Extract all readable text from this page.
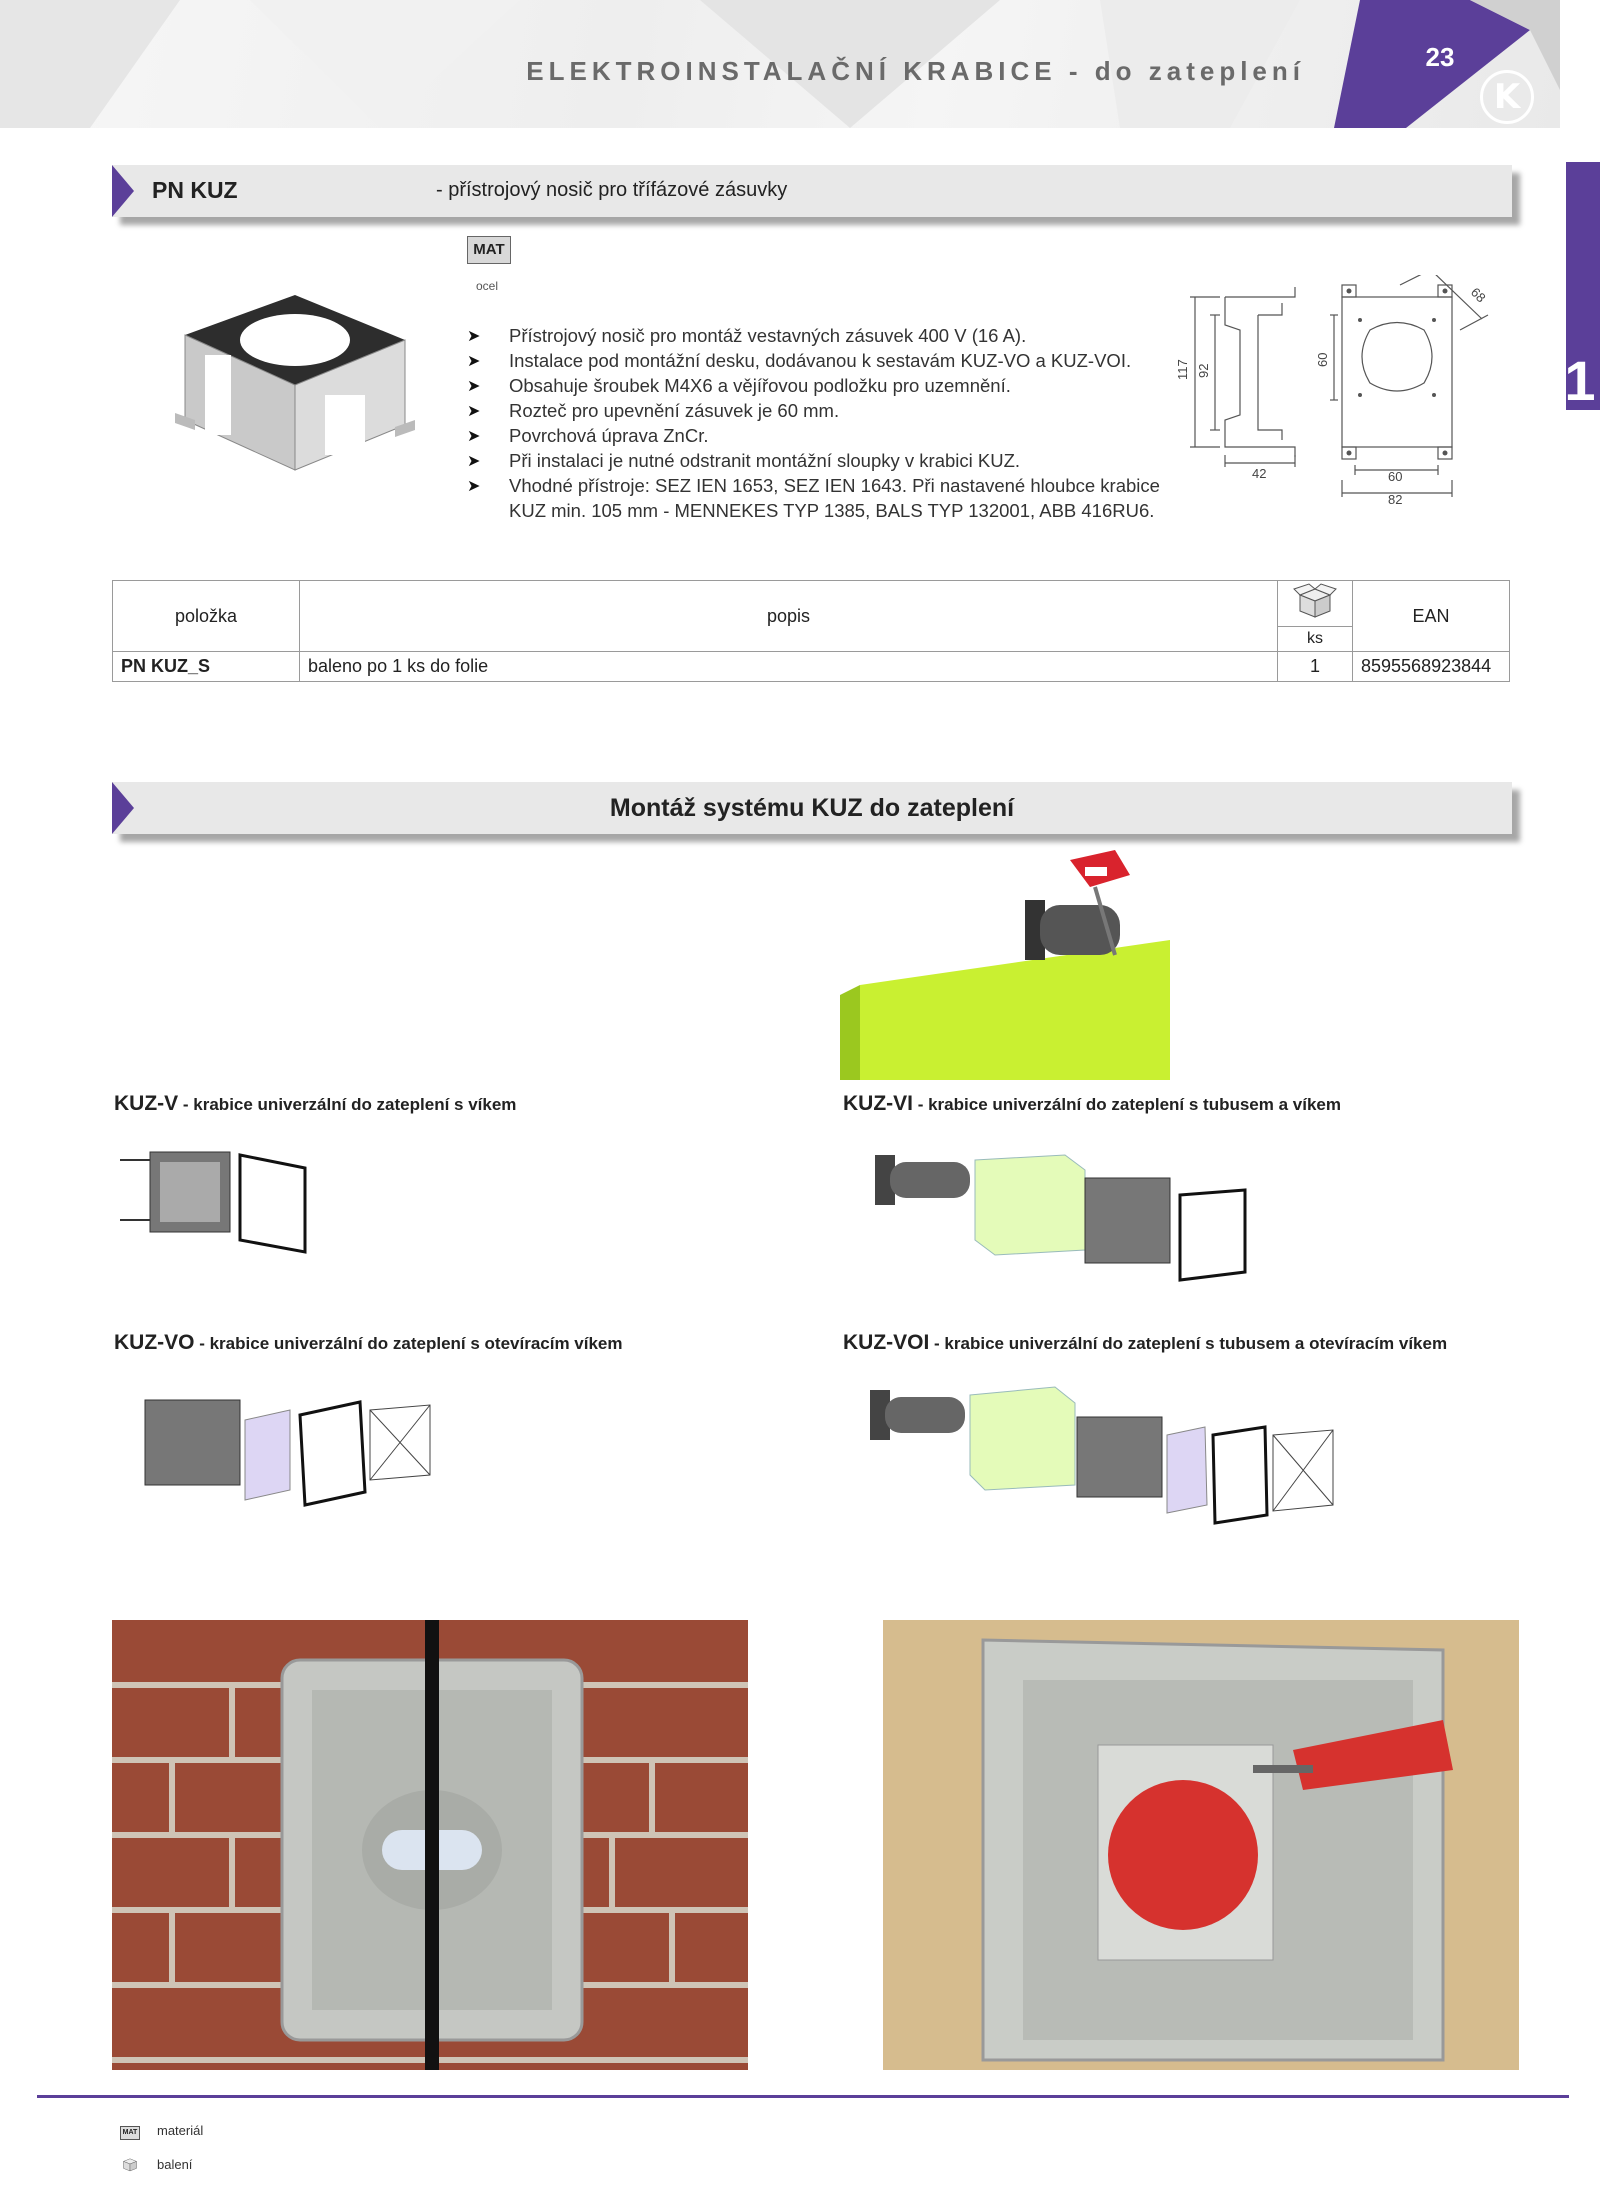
ELEKTROINSTALAČNÍ KRABICE - do zateplení	23
K
1
PN KUZ	- přístrojový nosič pro třífázové zásuvky
MAT
ocel
➤ Přístrojový nosič pro montáž vestavných zásuvek 400 V (16 A).
➤ Instalace pod montážní desku, dodávanou k sestavám KUZ-VO a KUZ-VOI.
➤ Obsahuje šroubek M4X6 a vějířovou podložku pro uzemnění.
➤ Rozteč pro upevnění zásuvek je 60 mm.
➤ Povrchová úprava ZnCr.
➤ Při instalaci je nutné odstranit montážní sloupky v krabici KUZ.
➤ Vhodné přístroje: SEZ IEN 1653, SEZ IEN 1643. Při nastavené hloubce krabice KUZ min. 105 mm - MENNEKES TYP 1385, BALS TYP 132001, ABB 416RU6.
117 92
42
60
68
60
82
položka	popis		EAN
		ks	
PN KUZ_S	baleno po 1 ks do folie	1	8595568923844
Montáž systému KUZ do zateplení
KUZ-V - krabice univerzální do zateplení s víkem	KUZ-VI - krabice univerzální do zateplení s tubusem a víkem
KUZ-VO - krabice univerzální do zateplení s otevíracím víkem	KUZ-VOI - krabice univerzální do zateplení s tubusem a otevíracím víkem
MAT materiál
balení
